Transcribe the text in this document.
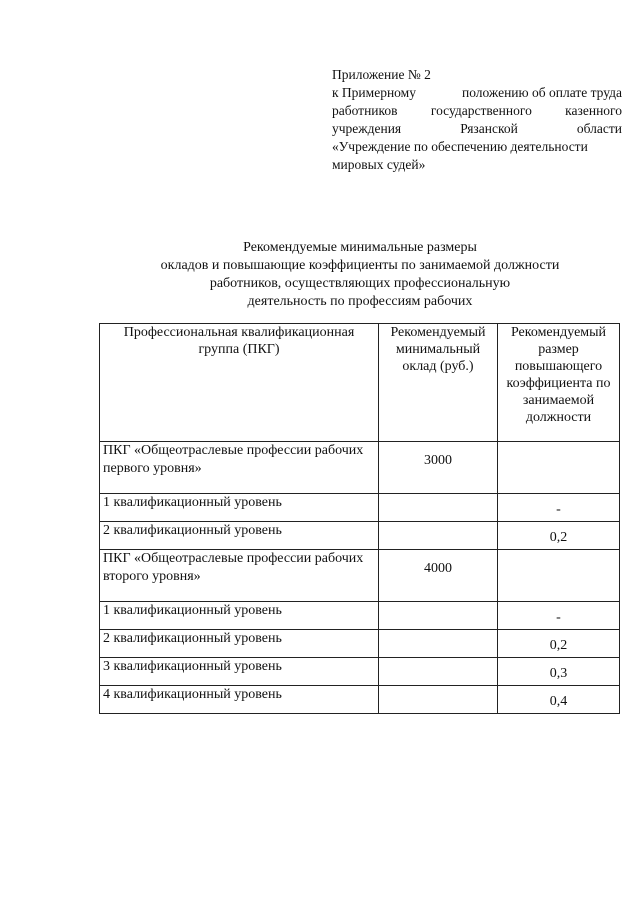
Приложение № 2
к Примерному	положению об оплате труда
работников государственного казенного
учреждения	Рязанской	области
«Учреждение по обеспечению деятельности
мировых судей»
Рекомендуемые минимальные размеры
окладов и повышающие коэффициенты по занимаемой должности
работников, осуществляющих профессиональную
деятельность по профессиям рабочих
Профессиональная квалификационная группа (ПКГ)	Рекомендуемый минимальный оклад (руб.)	Рекомендуемый размер повышающего коэффициента по занимаемой должности
ПКГ «Общеотраслевые профессии рабочих первого уровня»	3000	
1 квалификационный уровень		-
2 квалификационный уровень		0,2
ПКГ «Общеотраслевые профессии рабочих второго уровня»	4000	
1 квалификационный уровень		-
2 квалификационный уровень		0,2
3 квалификационный уровень		0,3
4 квалификационный уровень		0,4
